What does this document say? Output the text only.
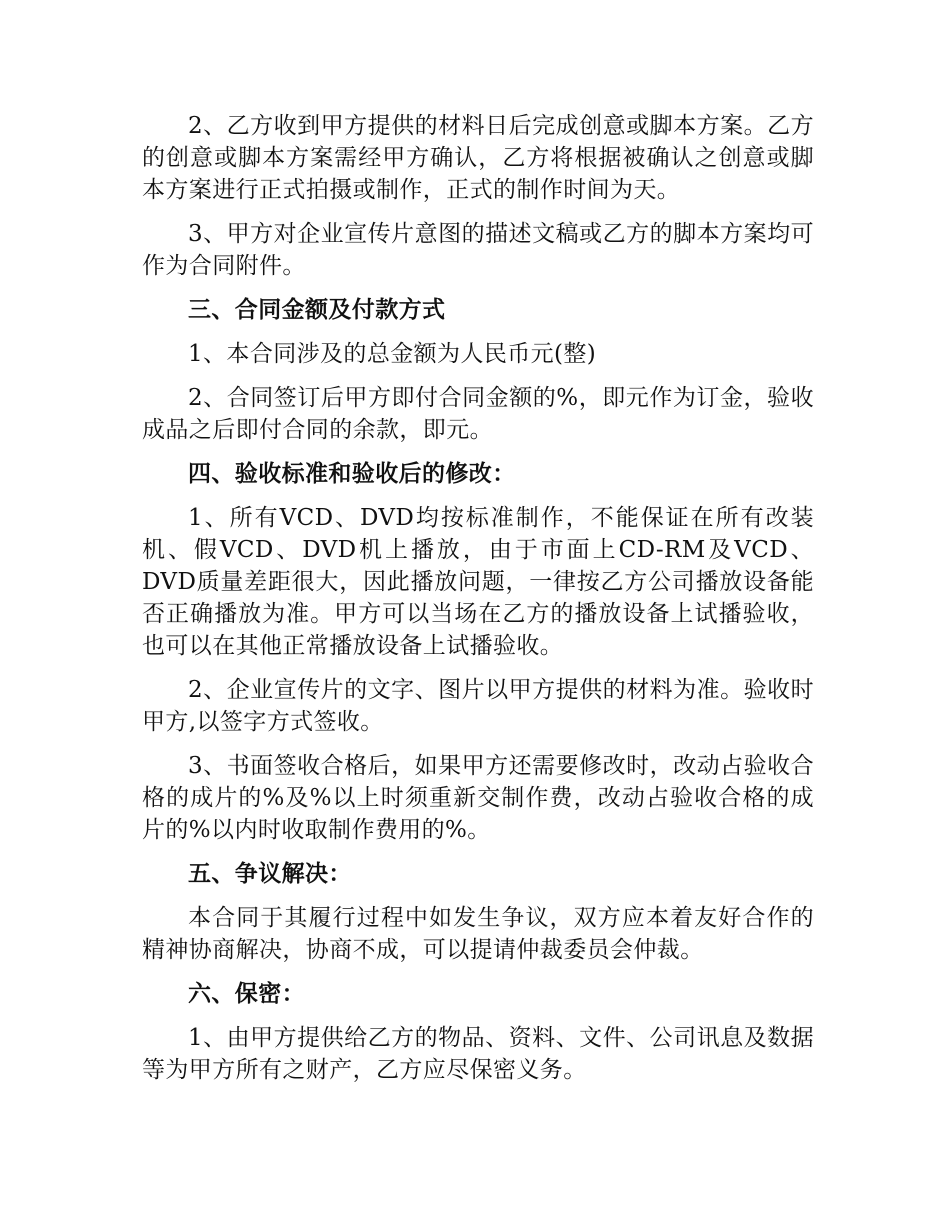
2、乙方收到甲方提供的材料日后完成创意或脚本方案。乙方的创意或脚本方案需经甲方确认，乙方将根据被确认之创意或脚本方案进行正式拍摄或制作，正式的制作时间为天。

3、甲方对企业宣传片意图的描述文稿或乙方的脚本方案均可作为合同附件。

三、合同金额及付款方式

1、本合同涉及的总金额为人民币元(整)

2、合同签订后甲方即付合同金额的%，即元作为订金，验收成品之后即付合同的余款，即元。

四、验收标准和验收后的修改：

1、所有VCD、DVD均按标准制作，不能保证在所有改装机、假VCD、DVD机上播放，由于市面上CD-RM及VCD、DVD质量差距很大，因此播放问题，一律按乙方公司播放设备能否正确播放为准。甲方可以当场在乙方的播放设备上试播验收，也可以在其他正常播放设备上试播验收。

2、企业宣传片的文字、图片以甲方提供的材料为准。验收时甲方,以签字方式签收。

3、书面签收合格后，如果甲方还需要修改时，改动占验收合格的成片的%及%以上时须重新交制作费，改动占验收合格的成片的%以内时收取制作费用的%。

五、争议解决：

本合同于其履行过程中如发生争议，双方应本着友好合作的精神协商解决，协商不成，可以提请仲裁委员会仲裁。

六、保密：

1、由甲方提供给乙方的物品、资料、文件、公司讯息及数据等为甲方所有之财产，乙方应尽保密义务。
